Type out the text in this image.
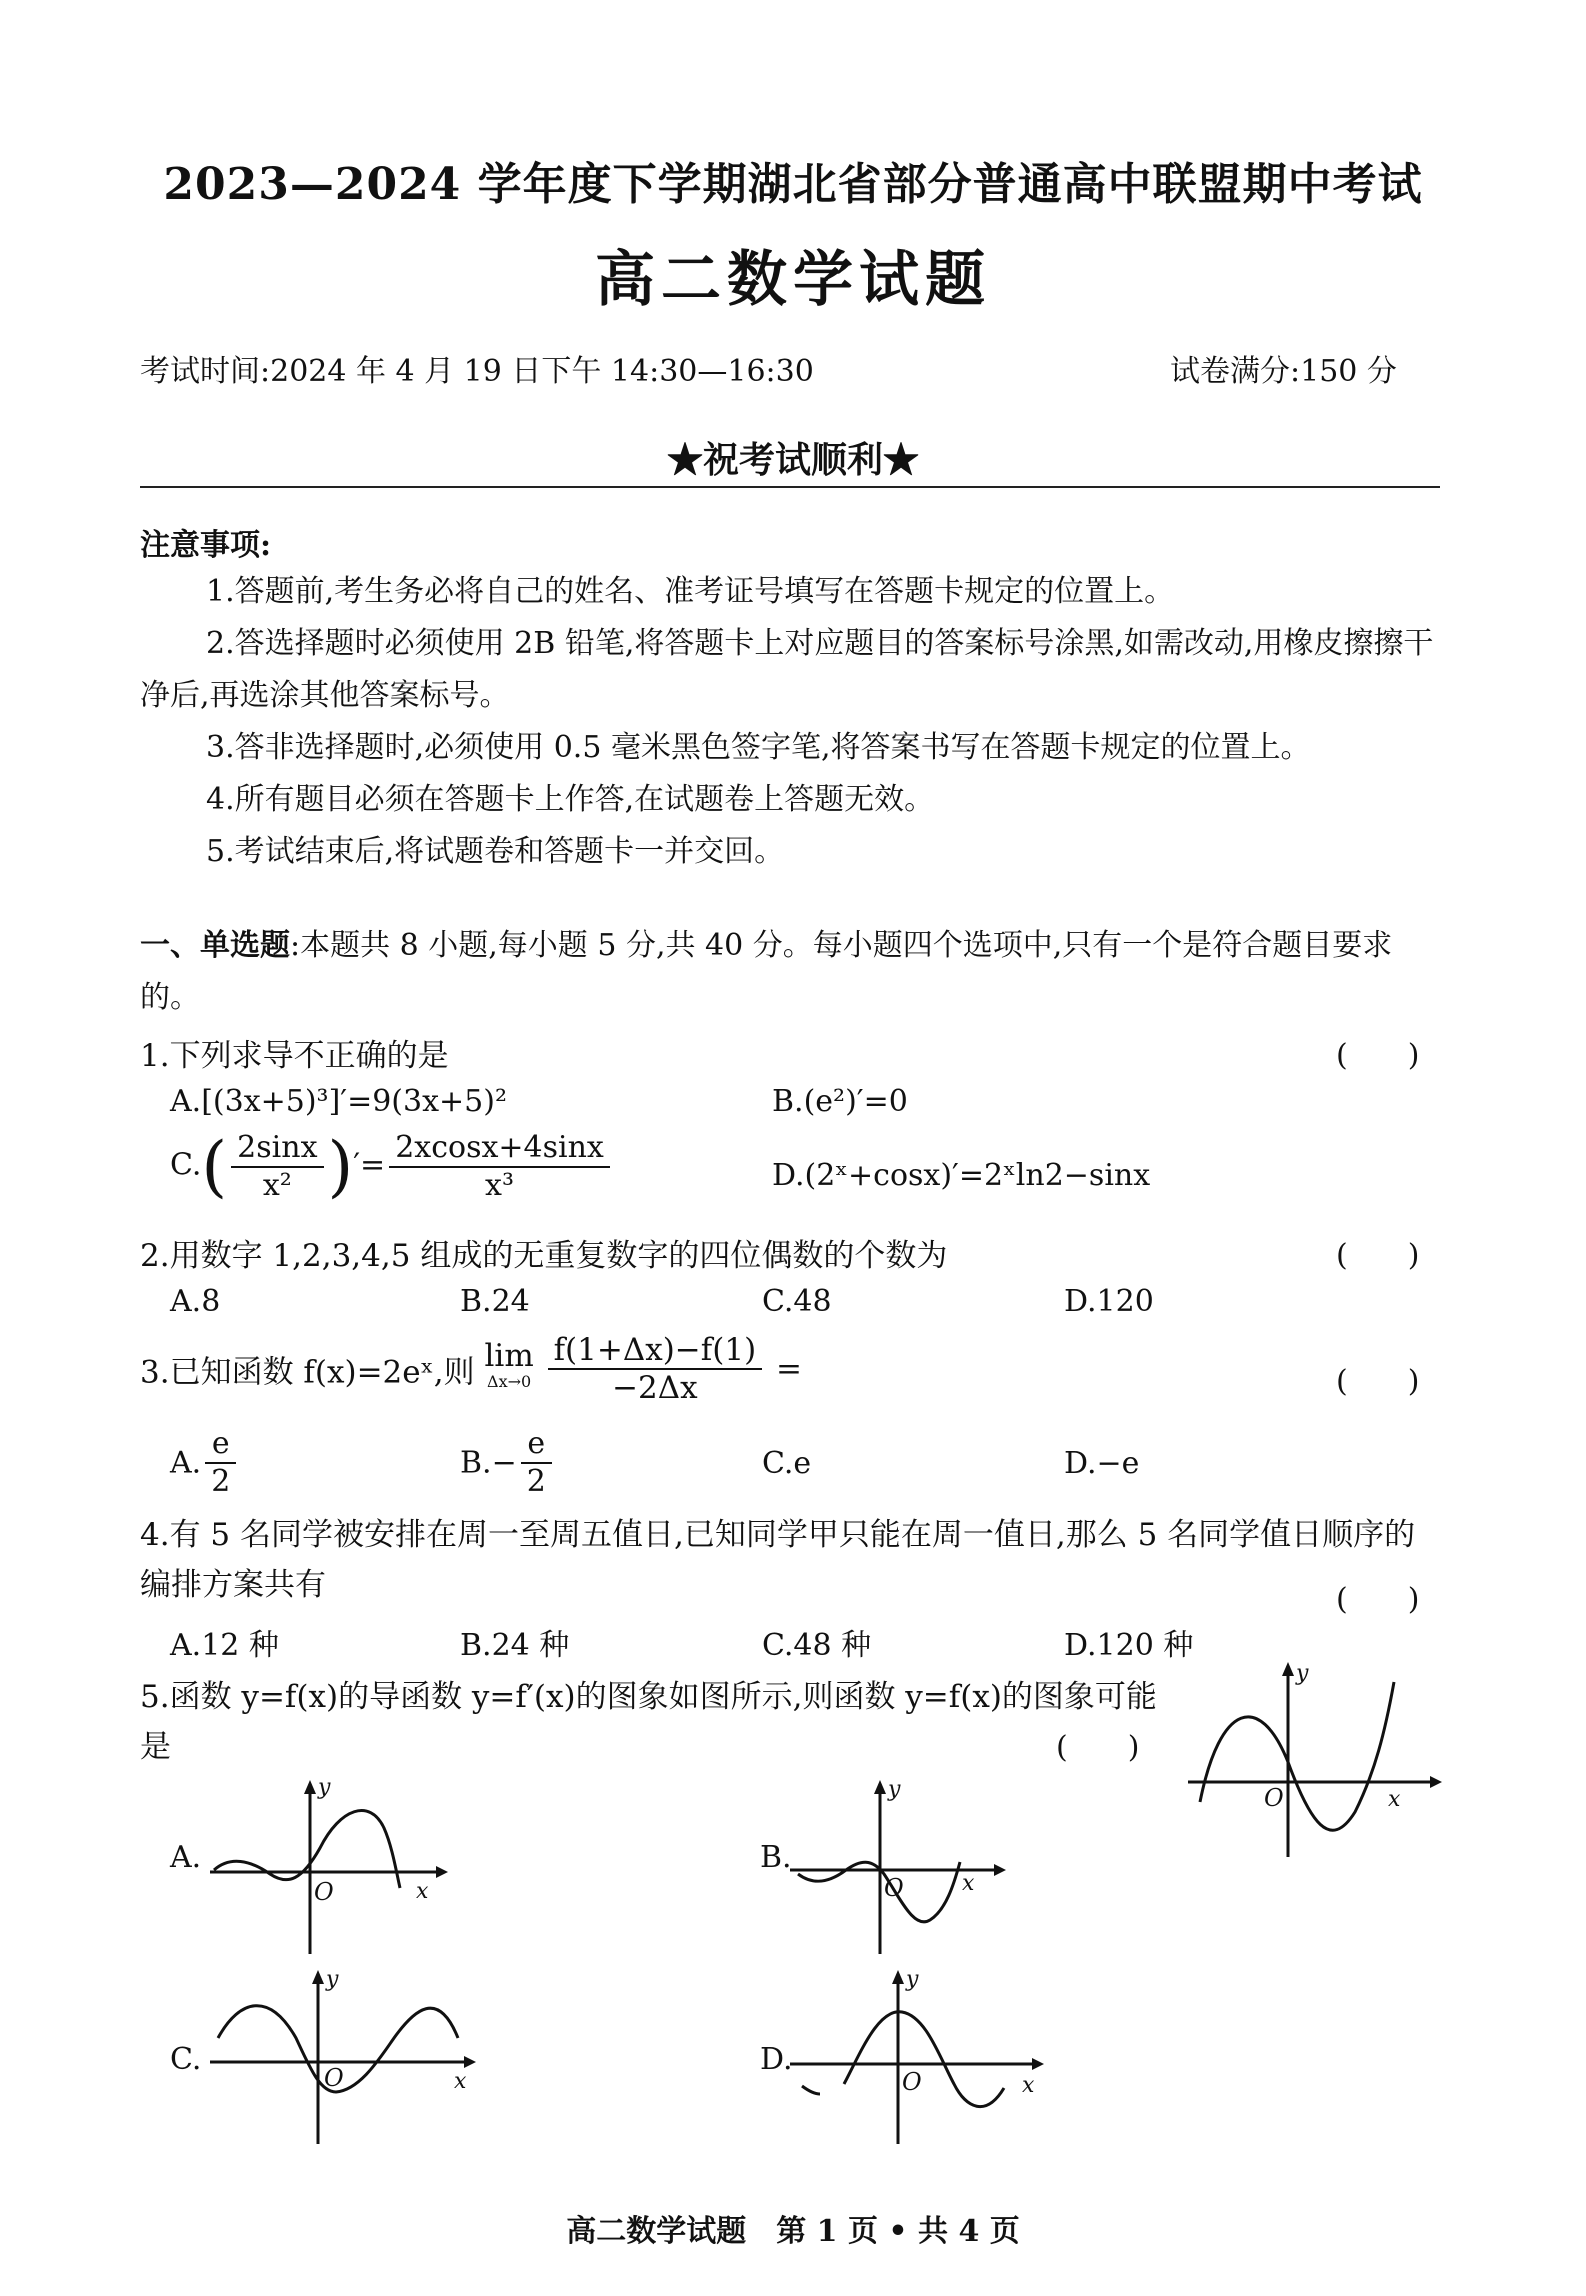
2023—2024 学年度下学期湖北省部分普通高中联盟期中考试
高二数学试题
考试时间:2024 年 4 月 19 日下午 14:30—16:30	试卷满分:150 分
★祝考试顺利★
注意事项:
1.答题前,考生务必将自己的姓名、准考证号填写在答题卡规定的位置上。
2.答选择题时必须使用 2B 铅笔,将答题卡上对应题目的答案标号涂黑,如需改动,用橡皮擦擦干净后,再选涂其他答案标号。
3.答非选择题时,必须使用 0.5 毫米黑色签字笔,将答案书写在答题卡规定的位置上。
4.所有题目必须在答题卡上作答,在试题卷上答题无效。
5.考试结束后,将试题卷和答题卡一并交回。
一、单选题:本题共 8 小题,每小题 5 分,共 40 分。每小题四个选项中,只有一个是符合题目要求的。
1.下列求导不正确的是	(　　)
A.[(3x+5)³]′=9(3x+5)²	B.(e²)′=0
$C.( \frac{2\sin x}{\text{x²}}$ )′= $\frac{2xcosx+4\sin x}{\text{x³}}$	D.(2ˣ+cosx)′=2ˣln2−sinx
2.用数字 1,2,3,4,5 组成的无重复数字的四位偶数的个数为	(　　)
A.8	B.24	C.48	D.120
3.已知函数 f(x)=2eˣ,则 lim
Δx→0
$\frac{f(1+\Delta x)-f(1)}{-2\Delta x}$ =	(　　)
A. $\frac{e}{2}$	$B.- \frac{e}{2}$	C.e	D.−e
4.有 5 名同学被安排在周一至周五值日,已知同学甲只能在周一值日,那么 5 名同学值日顺序的编排方案共有	(　　)
A.12 种	B.24 种	C.48 种	D.120 种
5.函数 y=f(x)的导函数 y=f′(x)的图象如图所示,则函数 y=f(x)的图象可能是	(　　)
y
x
O
A.
y
x
O
B.
y
x
O
C.
y
x
O
D.
y
x
O
高二数学试题　第 1 页 • 共 4 页
